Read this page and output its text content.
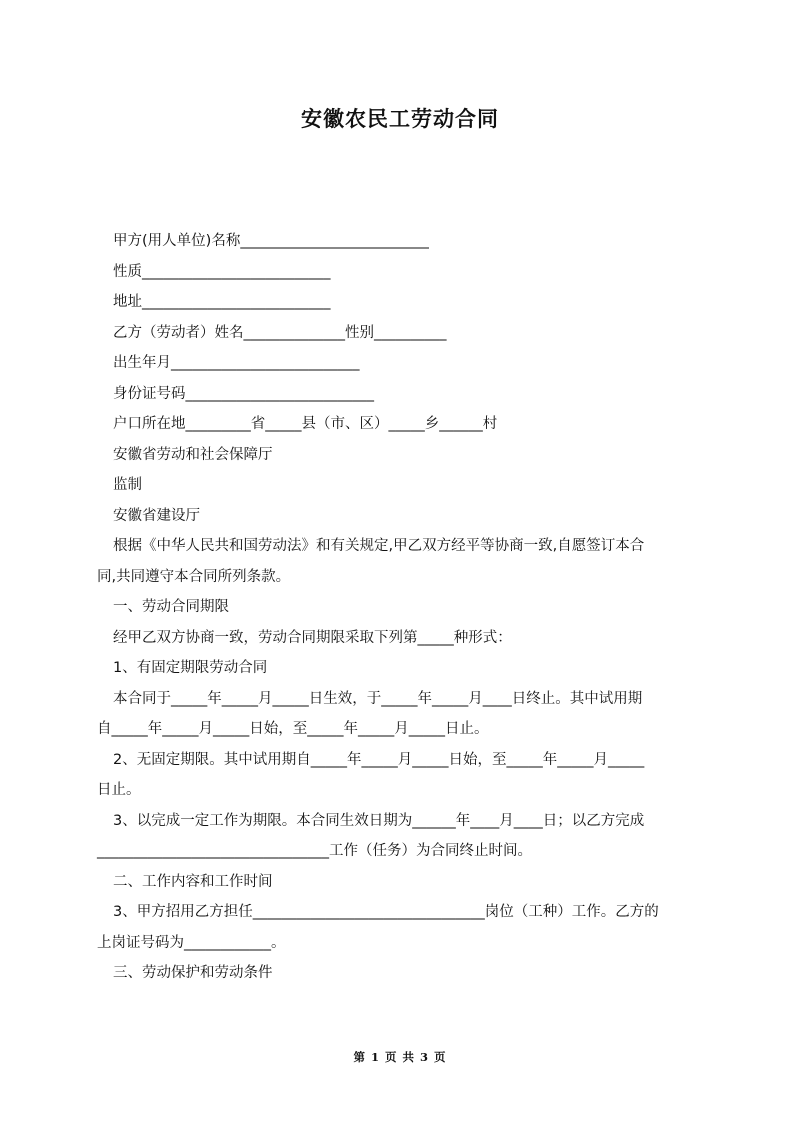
安徽农民工劳动合同
甲方(用人单位)名称__________________________
性质__________________________
地址__________________________
乙方（劳动者）姓名______________性别__________
出生年月__________________________
身份证号码__________________________
户口所在地_________省_____县（市、区）_____乡______村
安徽省劳动和社会保障厅
监制
安徽省建设厅
根据《中华人民共和国劳动法》和有关规定,甲乙双方经平等协商一致,自愿签订本合
同,共同遵守本合同所列条款。
一、劳动合同期限
经甲乙双方协商一致，劳动合同期限采取下列第_____种形式：
1、有固定期限劳动合同
本合同于_____年_____月_____日生效，于_____年_____月____日终止。其中试用期
自_____年_____月_____日始，至_____年_____月_____日止。
2、无固定期限。其中试用期自_____年_____月_____日始，至_____年_____月_____
日止。
3、以完成一定工作为期限。本合同生效日期为______年____月____日；以乙方完成
________________________________工作（任务）为合同终止时间。
二、工作内容和工作时间
3、甲方招用乙方担任________________________________岗位（工种）工作。乙方的
上岗证号码为____________。
三、劳动保护和劳动条件
第 1 页 共 3 页
